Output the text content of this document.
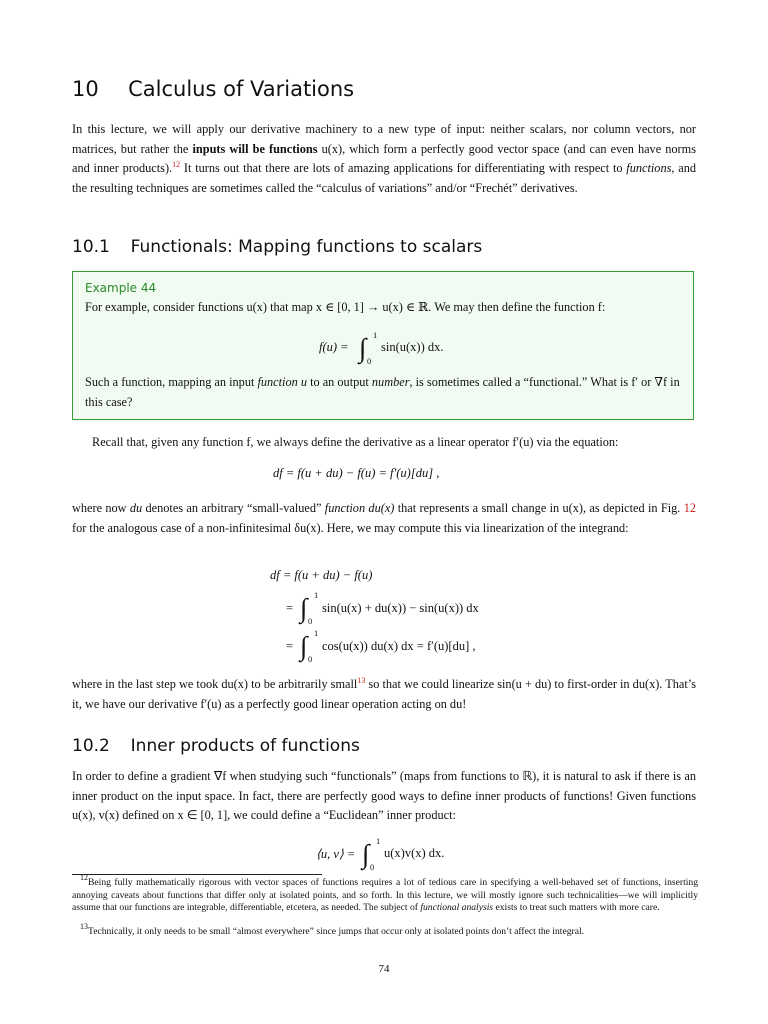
10 Calculus of Variations

In this lecture, we will apply our derivative machinery to a new type of input: neither scalars, nor column vectors, nor matrices, but rather the inputs will be functions u(x), which form a perfectly good vector space (and can even have norms and inner products).$^{12}$ It turns out that there are lots of amazing applications for differentiating with respect to functions, and the resulting techniques are sometimes called the “calculus of variations” and/or “Frechét” derivatives.

10.1 Functionals: Mapping functions to scalars
Example 44
For example, consider functions u(x) that map x ∈ [0, 1] → u(x) ∈ ℝ. We may then define the function f:
f(u) = ∫ 1
0
sin(u(x)) dx.
Such a function, mapping an input function u to an output number, is sometimes called a “functional.” What is f′ or ∇f in this case?

Recall that, given any function f, we always define the derivative as a linear operator f′(u) via the equation:

df = f(u + du) − f(u) = f′(u)[du] ,

where now du denotes an arbitrary “small-valued” function du(x) that represents a small change in u(x), as depicted in Fig. 12 for the analogous case of a non-infinitesimal δu(x). Here, we may compute this via linearization of the integrand:

df = f(u + du) − f(u)
= ∫ 1
0
sin(u(x) + du(x)) − sin(u(x)) dx
= ∫ 1
0
cos(u(x)) du(x) dx = f′(u)[du] ,

where in the last step we took du(x) to be arbitrarily small$^{13}$ so that we could linearize sin(u + du) to first-order in du(x). That’s it, we have our derivative f′(u) as a perfectly good linear operation acting on du!

10.2 Inner products of functions

In order to define a gradient ∇f when studying such “functionals” (maps from functions to ℝ), it is natural to ask if there is an inner product on the input space. In fact, there are perfectly good ways to define inner products of functions! Given functions u(x), v(x) defined on x ∈ [0, 1], we could define a “Euclidean” inner product:

⟨u, v⟩ = ∫ 1
0
u(x)v(x) dx.

$^{12}$Being fully mathematically rigorous with vector spaces of functions requires a lot of tedious care in specifying a well-behaved set of functions, inserting annoying caveats about functions that differ only at isolated points, and so forth. In this lecture, we will mostly ignore such technicalities—we will implicitly assume that our functions are integrable, differentiable, etcetera, as needed. The subject of functional analysis exists to treat such matters with more care.

$^{13}$Technically, it only needs to be small “almost everywhere” since jumps that occur only at isolated points don’t affect the integral.

74
